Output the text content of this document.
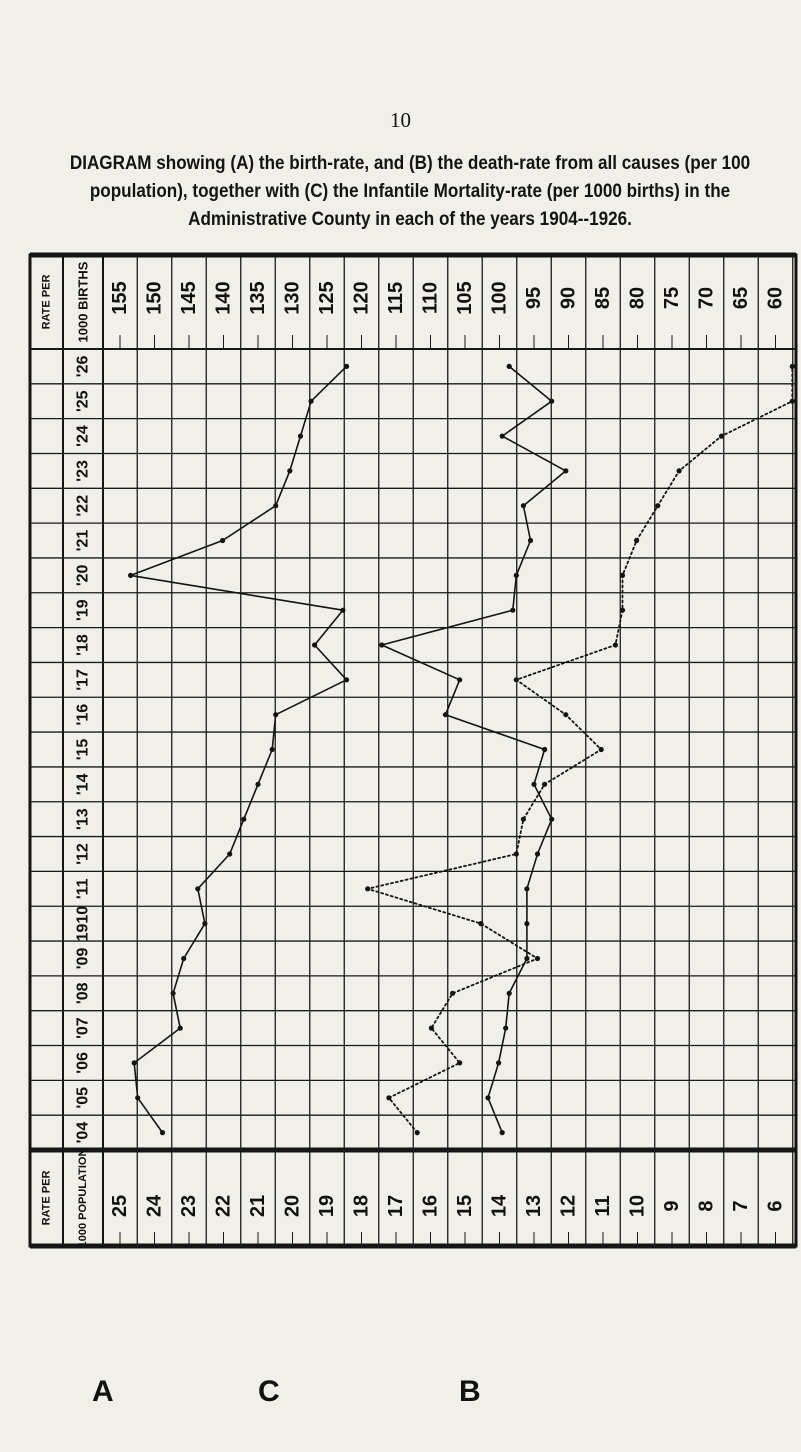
10
DIAGRAM showing (A) the birth-rate, and (B) the death-rate from all causes (per 100
population), together with (C) the Infantile Mortality-rate (per 1000 births) in the
Administrative County in each of the years 1904--1926.
RATE PER 1000 BIRTHS 155 150 145 140 135 130 125 120 115 110 105 100 95 90 85 80 75 70 65 60
RATE PER 1000 POPULATION 25 24 23 22 21 20 19 18 17 16 15 14 13 12 11 10 9 8 7 6
'04
'05
'06
'07
'08
'09
1910
'11
'12
'13
'14
'15
'16
'17
'18
'19
'20
'21
'22
'23
'24
'25
'26
A	C	B
